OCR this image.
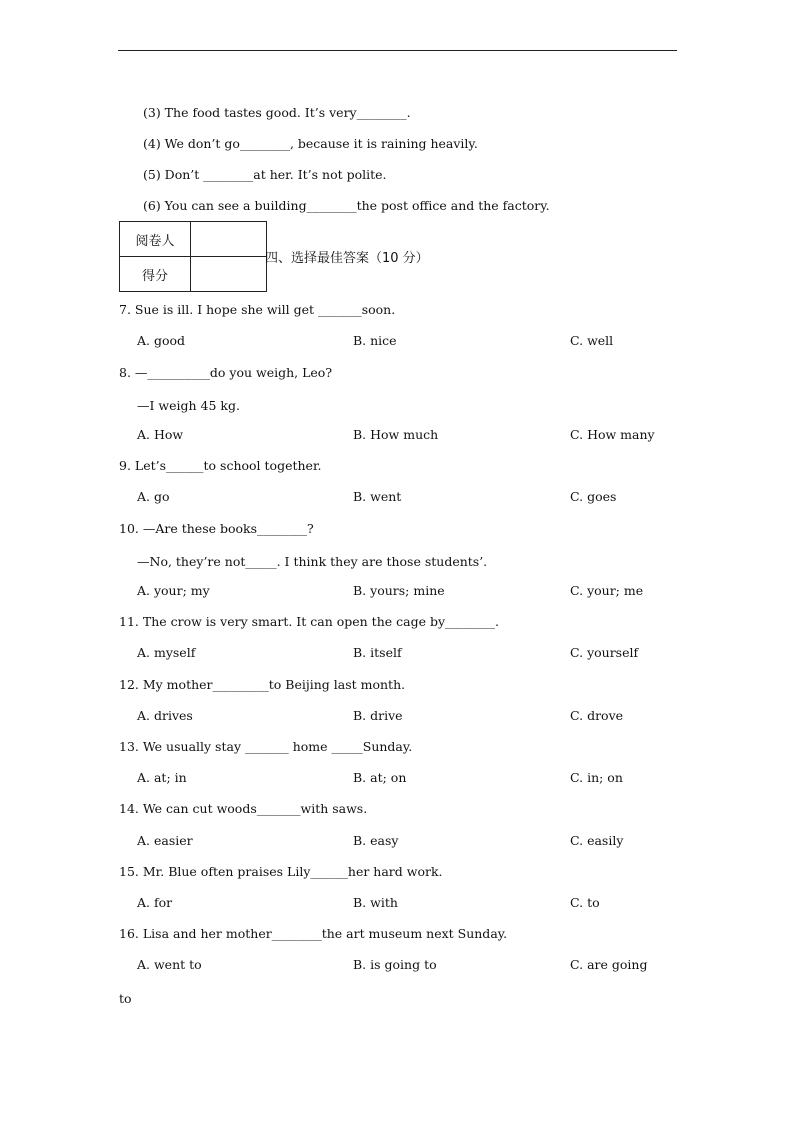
(3) The food tastes good. It’s very________.
(4) We don’t go________, because it is raining heavily.
(5) Don’t ________at her. It’s not polite.
(6) You can see a building________the post office and the factory.
阅卷人	
得分	
四、选择最佳答案（10 分）
7. Sue is ill. I hope she will get _______soon.
A. good	B. nice	C. well
8. —__________do you weigh, Leo?
—I weigh 45 kg.
A. How	B. How much	C. How many
9. Let’s______to school together.
A. go	B. went	C. goes
10. —Are these books________?
—No, they’re not_____. I think they are those students’.
A. your; my	B. yours; mine	C. your; me
11. The crow is very smart. It can open the cage by________.
A. myself	B. itself	C. yourself
12. My mother_________to Beijing last month.
A. drives	B. drive	C. drove
13. We usually stay _______ home _____Sunday.
A. at; in	B. at; on	C. in; on
14. We can cut woods_______with saws.
A. easier	B. easy	C. easily
15. Mr. Blue often praises Lily______her hard work.
A. for	B. with	C. to
16. Lisa and her mother________the art museum next Sunday.
A. went to	B. is going to	C. are going
to
